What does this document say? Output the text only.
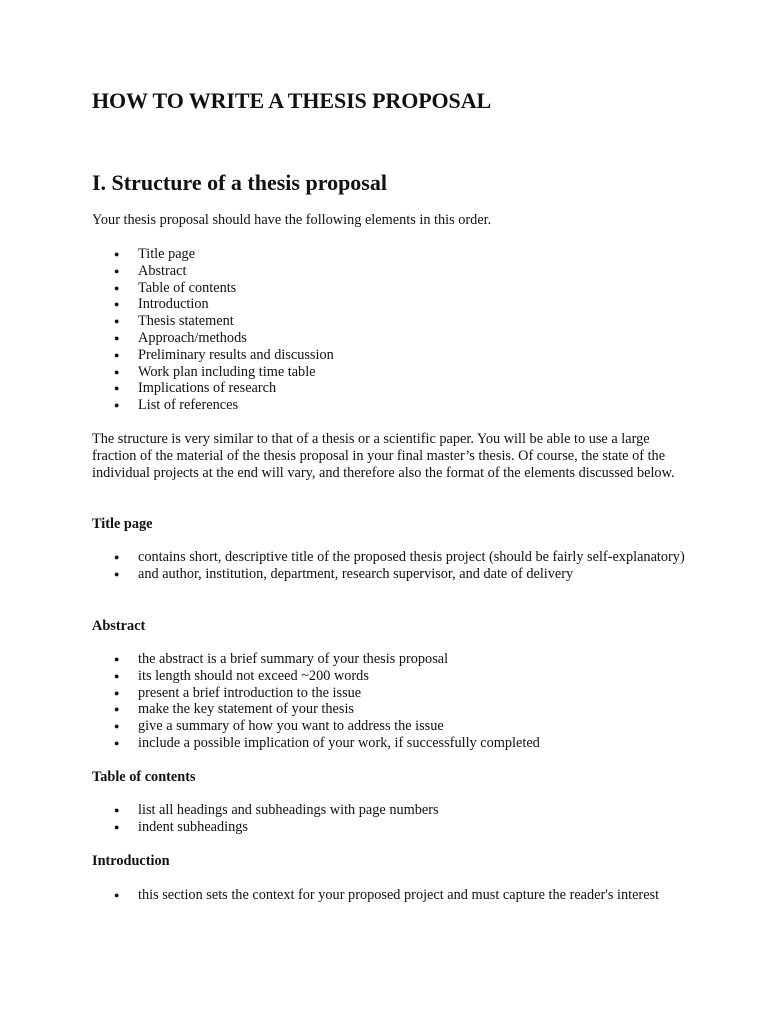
HOW TO WRITE A THESIS PROPOSAL
I. Structure of a thesis proposal

Your thesis proposal should have the following elements in this order.

● Title page
● Abstract
● Table of contents
● Introduction
● Thesis statement
● Approach/methods
● Preliminary results and discussion
● Work plan including time table
● Implications of research
● List of references

The structure is very similar to that of a thesis or a scientific paper. You will be able to use a large fraction of the material of the thesis proposal in your final master’s thesis. Of course, the state of the individual projects at the end will vary, and therefore also the format of the elements discussed below.

Title page

● contains short, descriptive title of the proposed thesis project (should be fairly self-explanatory)
● and author, institution, department, research supervisor, and date of delivery

Abstract

● the abstract is a brief summary of your thesis proposal
● its length should not exceed ~200 words
● present a brief introduction to the issue
● make the key statement of your thesis
● give a summary of how you want to address the issue
● include a possible implication of your work, if successfully completed

Table of contents

● list all headings and subheadings with page numbers
● indent subheadings

Introduction

● this section sets the context for your proposed project and must capture the reader's interest
